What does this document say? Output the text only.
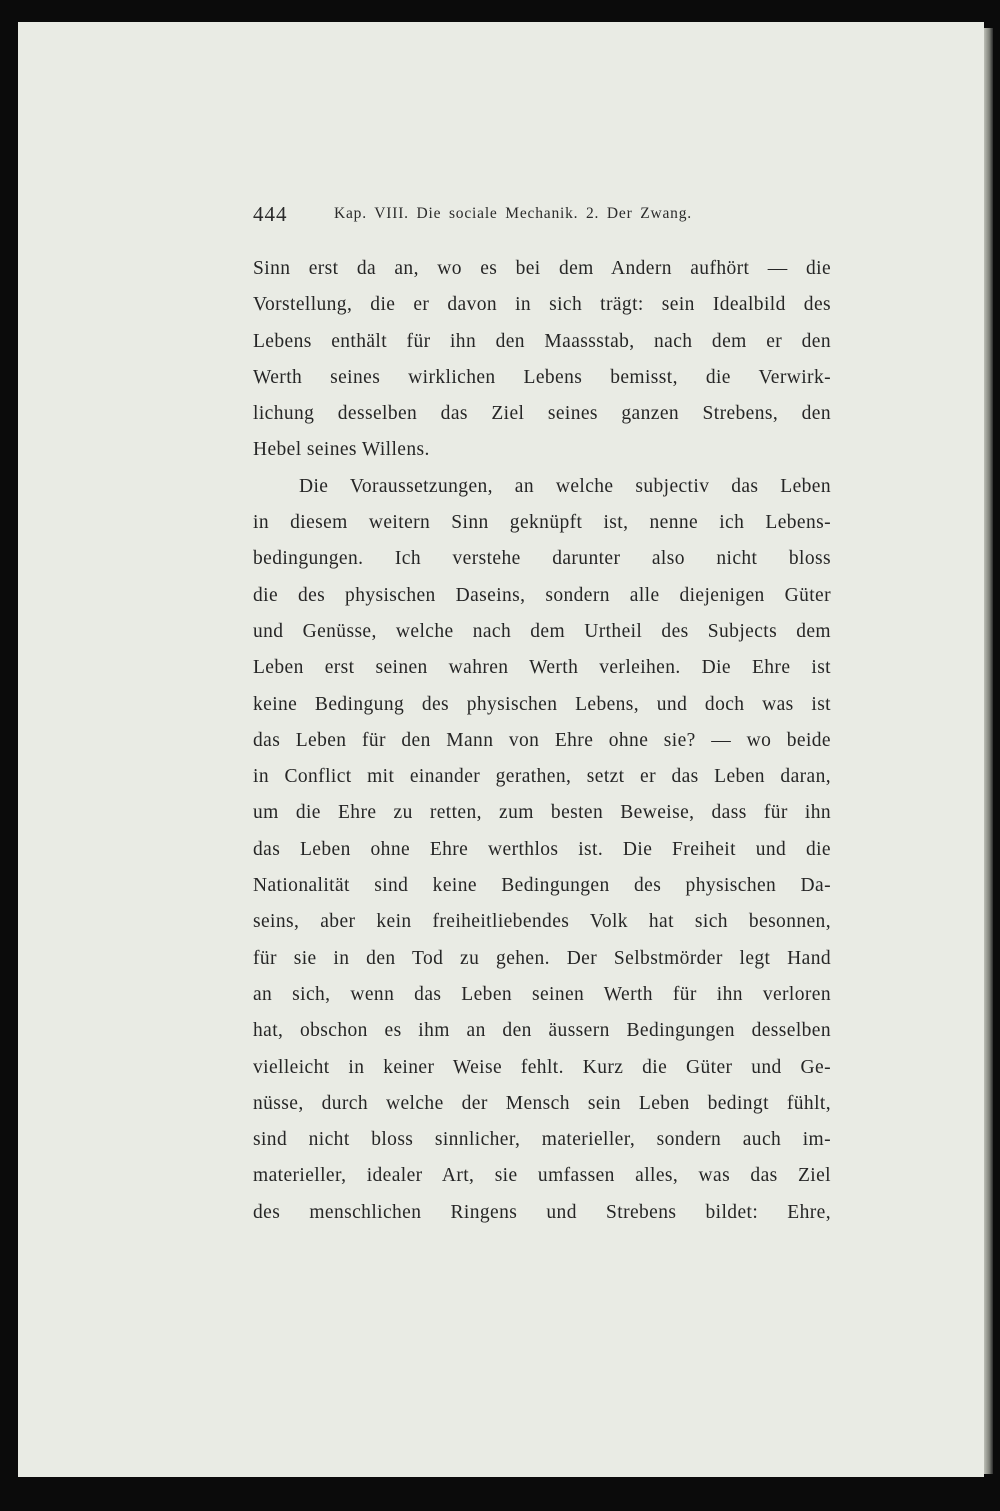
444	Kap. VIII. Die sociale Mechanik. 2. Der Zwang.
Sinn erst da an, wo es bei dem Andern aufhört — die
Vorstellung, die er davon in sich trägt: sein Idealbild des
Lebens enthält für ihn den Maassstab, nach dem er den
Werth seines wirklichen Lebens bemisst, die Verwirk-
lichung desselben das Ziel seines ganzen Strebens, den
Hebel seines Willens.
Die Voraussetzungen, an welche subjectiv das Leben
in diesem weitern Sinn geknüpft ist, nenne ich Lebens-
bedingungen. Ich verstehe darunter also nicht bloss
die des physischen Daseins, sondern alle diejenigen Güter
und Genüsse, welche nach dem Urtheil des Subjects dem
Leben erst seinen wahren Werth verleihen. Die Ehre ist
keine Bedingung des physischen Lebens, und doch was ist
das Leben für den Mann von Ehre ohne sie? — wo beide
in Conflict mit einander gerathen, setzt er das Leben daran,
um die Ehre zu retten, zum besten Beweise, dass für ihn
das Leben ohne Ehre werthlos ist. Die Freiheit und die
Nationalität sind keine Bedingungen des physischen Da-
seins, aber kein freiheitliebendes Volk hat sich besonnen,
für sie in den Tod zu gehen. Der Selbstmörder legt Hand
an sich, wenn das Leben seinen Werth für ihn verloren
hat, obschon es ihm an den äussern Bedingungen desselben
vielleicht in keiner Weise fehlt. Kurz die Güter und Ge-
nüsse, durch welche der Mensch sein Leben bedingt fühlt,
sind nicht bloss sinnlicher, materieller, sondern auch im-
materieller, idealer Art, sie umfassen alles, was das Ziel
des menschlichen Ringens und Strebens bildet: Ehre,
